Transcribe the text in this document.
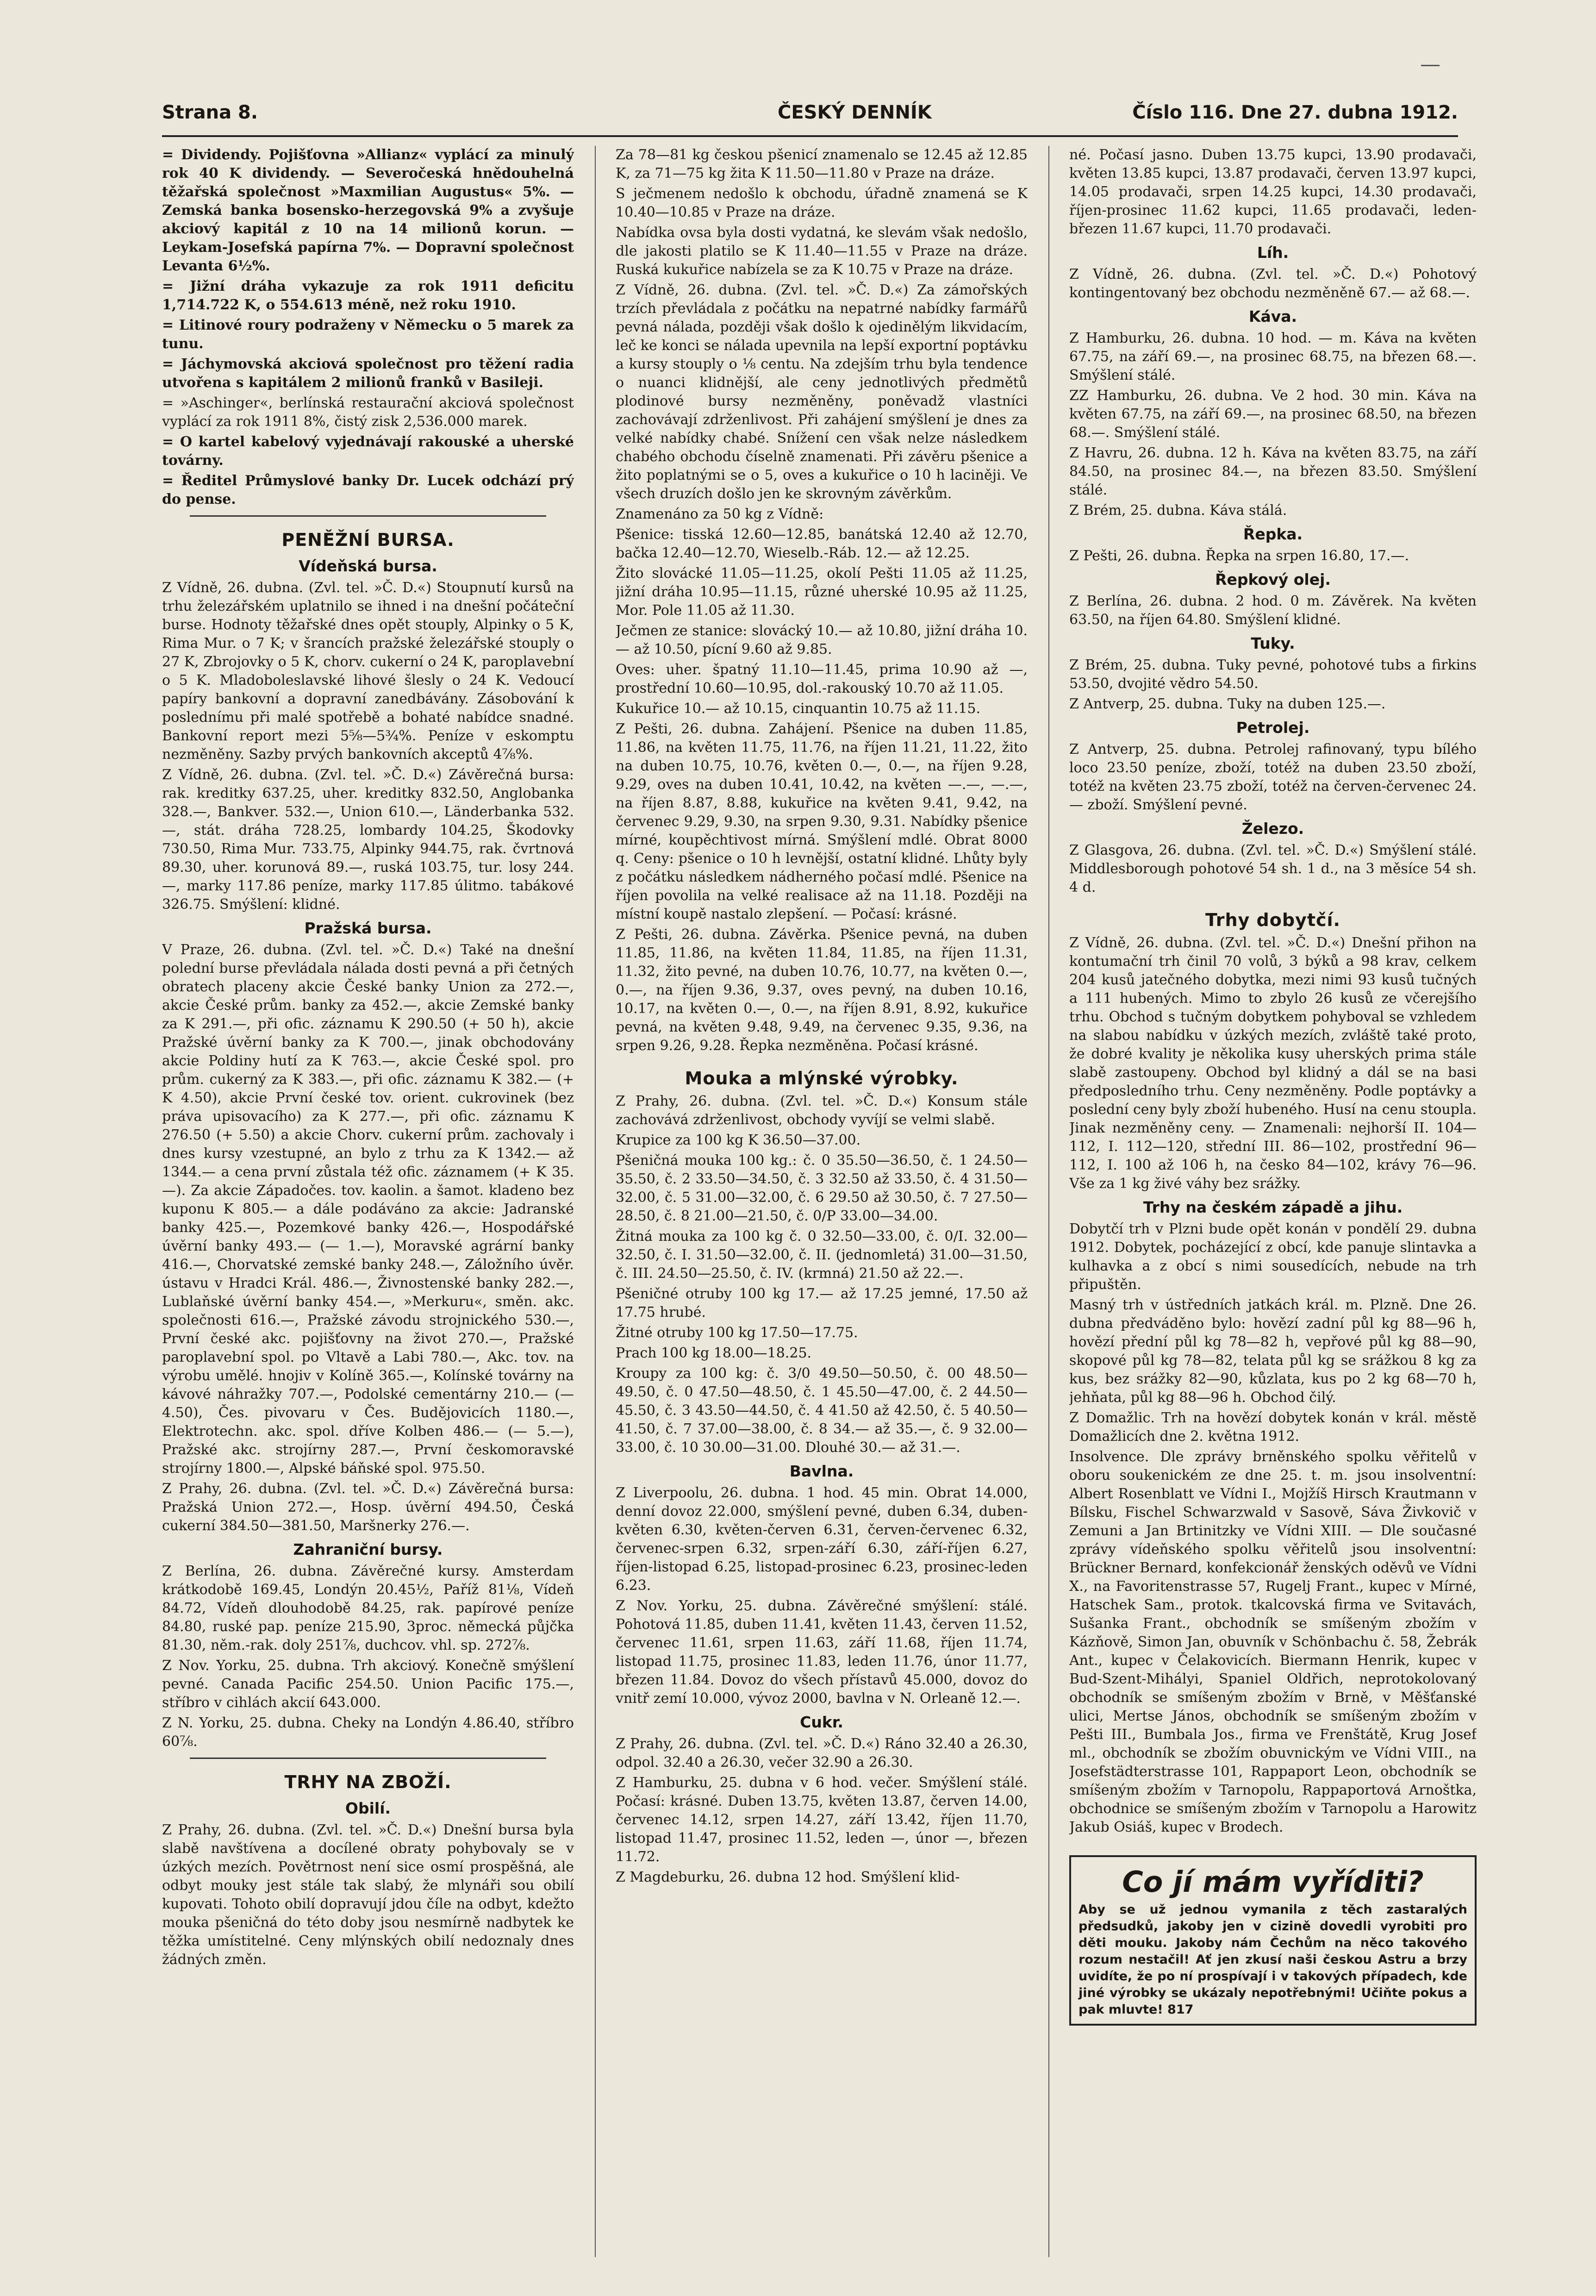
Strana 8.	ČESKÝ DENNÍK	Číslo 116. Dne 27. dubna 1912.

= Dividendy. Pojišťovna »Allianz« vyplácí za minulý rok 40 K dividendy. — Severočeská hnědouhelná těžařská společnost »Maxmilian Augustus« 5%. — Zemská banka bosensko-herzegovská 9% a zvyšuje akciový kapitál z 10 na 14 milionů korun. — Leykam-Josefská papírna 7%. — Dopravní společnost Levanta 6½%.

= Jižní dráha vykazuje za rok 1911 deficitu 1,714.722 K, o 554.613 méně, než roku 1910.

= Litinové roury podraženy v Německu o 5 marek za tunu.

= Jáchymovská akciová společnost pro těžení radia utvořena s kapitálem 2 milionů franků v Basileji.

= »Aschinger«, berlínská restaurační akciová společnost vyplácí za rok 1911 8%, čistý zisk 2,536.000 marek.

= O kartel kabelový vyjednávají rakouské a uherské továrny.

= Ředitel Průmyslové banky Dr. Lucek odchází prý do pense.

PENĚŽNÍ BURSA.
Vídeňská bursa.

Z Vídně, 26. dubna. (Zvl. tel. »Č. D.«) Stoupnutí kursů na trhu železářském uplatnilo se ihned i na dnešní počáteční burse. Hodnoty těžařské dnes opět stouply, Alpinky o 5 K, Rima Mur. o 7 K; v šrancích pražské železářské stouply o 27 K, Zbrojovky o 5 K, chorv. cukerní o 24 K, paroplavební o 5 K. Mladoboleslavské lihové šlesly o 24 K. Vedoucí papíry bankovní a dopravní zanedbávány. Zásobování k poslednímu při malé spotřebě a bohaté nabídce snadné. Bankovní report mezi 5⅝—5¾%. Peníze v eskomptu nezměněny. Sazby prvých bankovních akceptů 4⅞%.

Z Vídně, 26. dubna. (Zvl. tel. »Č. D.«) Závěrečná bursa: rak. kreditky 637.25, uher. kreditky 832.50, Anglobanka 328.—, Bankver. 532.—, Union 610.—, Länderbanka 532.—, stát. dráha 728.25, lombardy 104.25, Škodovky 730.50, Rima Mur. 733.75, Alpinky 944.75, rak. čvrtnová 89.30, uher. korunová 89.—, ruská 103.75, tur. losy 244.—, marky 117.86 peníze, marky 117.85 úlitmo. tabákové 326.75. Smýšlení: klidné.

Pražská bursa.

V Praze, 26. dubna. (Zvl. tel. »Č. D.«) Také na dnešní polední burse převládala nálada dosti pevná a při četných obratech placeny akcie České banky Union za 272.—, akcie České prům. banky za 452.—, akcie Zemské banky za K 291.—, při ofic. záznamu K 290.50 (+ 50 h), akcie Pražské úvěrní banky za K 700.—, jinak obchodovány akcie Poldiny hutí za K 763.—, akcie České spol. pro prům. cukerný za K 383.—, při ofic. záznamu K 382.— (+ K 4.50), akcie První české tov. orient. cukrovinek (bez práva upisovacího) za K 277.—, při ofic. záznamu K 276.50 (+ 5.50) a akcie Chorv. cukerní prům. zachovaly i dnes kursy vzestupné, an bylo z trhu za K 1342.— až 1344.— a cena první zůstala též ofic. záznamem (+ K 35.—). Za akcie Západočes. tov. kaolin. a šamot. kladeno bez kuponu K 805.— a dále podáváno za akcie: Jadranské banky 425.—, Pozemkové banky 426.—, Hospodářské úvěrní banky 493.— (— 1.—), Moravské agrární banky 416.—, Chorvatské zemské banky 248.—, Záložního úvěr. ústavu v Hradci Král. 486.—, Živnostenské banky 282.—, Lublaňské úvěrní banky 454.—, »Merkuru«, směn. akc. společnosti 616.—, Pražské závodu strojnického 530.—, První české akc. pojišťovny na život 270.—, Pražské paroplavební spol. po Vltavě a Labi 780.—, Akc. tov. na výrobu umělé. hnojiv v Kolíně 365.—, Kolínské továrny na kávové náhražky 707.—, Podolské cementárny 210.— (— 4.50), Čes. pivovaru v Čes. Budějovicích 1180.—, Elektrotechn. akc. spol. dříve Kolben 486.— (— 5.—), Pražské akc. strojírny 287.—, První českomoravské strojírny 1800.—, Alpské báňské spol. 975.50.

Z Prahy, 26. dubna. (Zvl. tel. »Č. D.«) Závěrečná bursa: Pražská Union 272.—, Hosp. úvěrní 494.50, Česká cukerní 384.50—381.50, Maršnerky 276.—.

Zahraniční bursy.

Z Berlína, 26. dubna. Závěrečné kursy. Amsterdam krátkodobě 169.45, Londýn 20.45½, Paříž 81⅛, Vídeň 84.72, Vídeň dlouhodobě 84.25, rak. papírové peníze 84.80, ruské pap. peníze 215.90, 3proc. německá půjčka 81.30, něm.-rak. doly 251⅞, duchcov. vhl. sp. 272⅞.

Z Nov. Yorku, 25. dubna. Trh akciový. Konečně smýšlení pevné. Canada Pacific 254.50. Union Pacific 175.—, stříbro v cihlách akcií 643.000.

Z N. Yorku, 25. dubna. Cheky na Londýn 4.86.40, stříbro 60⅞.

TRHY NA ZBOŽÍ.
Obilí.

Z Prahy, 26. dubna. (Zvl. tel. »Č. D.«) Dnešní bursa byla slabě navštívena a docílené obraty pohybovaly se v úzkých mezích. Povětrnost není sice osmí prospěšná, ale odbyt mouky jest stále tak slabý, že mlynáři sou obilí kupovati. Tohoto obilí dopravují jdou číle na odbyt, kdežto mouka pšeničná do této doby jsou nesmírně nadbytek ke těžka umístitelné. Ceny mlýnských obilí nedoznaly dnes žádných změn.

Za 78—81 kg českou pšenicí znamenalo se 12.45 až 12.85 K, za 71—75 kg žita K 11.50—11.80 v Praze na dráze.

S ječmenem nedošlo k obchodu, úřadně znamená se K 10.40—10.85 v Praze na dráze.

Nabídka ovsa byla dosti vydatná, ke slevám však nedošlo, dle jakosti platilo se K 11.40—11.55 v Praze na dráze. Ruská kukuřice nabízela se za K 10.75 v Praze na dráze.

Z Vídně, 26. dubna. (Zvl. tel. »Č. D.«) Za zámořských trzích převládala z počátku na nepatrné nabídky farmářů pevná nálada, později však došlo k ojedinělým likvidacím, leč ke konci se nálada upevnila na lepší exportní poptávku a kursy stouply o ⅛ centu. Na zdejším trhu byla tendence o nuanci klidnější, ale ceny jednotlivých předmětů plodinové bursy nezměněny, poněvadž vlastníci zachovávají zdrženlivost. Při zahájení smýšlení je dnes za velké nabídky chabé. Snížení cen však nelze následkem chabého obchodu číselně znamenati. Při závěru pšenice a žito poplatnými se o 5, oves a kukuřice o 10 h laciněji. Ve všech druzích došlo jen ke skrovným závěrkům.

Znamenáno za 50 kg z Vídně:

Pšenice: tisská 12.60—12.85, banátská 12.40 až 12.70, bačka 12.40—12.70, Wieselb.-Ráb. 12.— až 12.25.

Žito slovácké 11.05—11.25, okolí Pešti 11.05 až 11.25, jižní dráha 10.95—11.15, různé uherské 10.95 až 11.25, Mor. Pole 11.05 až 11.30.

Ječmen ze stanice: slovácký 10.— až 10.80, jižní dráha 10.— až 10.50, pícní 9.60 až 9.85.

Oves: uher. špatný 11.10—11.45, prima 10.90 až —, prostřední 10.60—10.95, dol.-rakouský 10.70 až 11.05.

Kukuřice 10.— až 10.15, cinquantin 10.75 až 11.15.

Z Pešti, 26. dubna. Zahájení. Pšenice na duben 11.85, 11.86, na květen 11.75, 11.76, na říjen 11.21, 11.22, žito na duben 10.75, 10.76, květen 0.—, 0.—, na říjen 9.28, 9.29, oves na duben 10.41, 10.42, na květen —.—, —.—, na říjen 8.87, 8.88, kukuřice na květen 9.41, 9.42, na červenec 9.29, 9.30, na srpen 9.30, 9.31. Nabídky pšenice mírné, koupěchtivost mírná. Smýšlení mdlé. Obrat 8000 q. Ceny: pšenice o 10 h levnější, ostatní klidné. Lhůty byly z počátku následkem nádherného počasí mdlé. Pšenice na říjen povolila na velké realisace až na 11.18. Později na místní koupě nastalo zlepšení. — Počasí: krásné.

Z Pešti, 26. dubna. Závěrka. Pšenice pevná, na duben 11.85, 11.86, na květen 11.84, 11.85, na říjen 11.31, 11.32, žito pevné, na duben 10.76, 10.77, na květen 0.—, 0.—, na říjen 9.36, 9.37, oves pevný, na duben 10.16, 10.17, na květen 0.—, 0.—, na říjen 8.91, 8.92, kukuřice pevná, na květen 9.48, 9.49, na červenec 9.35, 9.36, na srpen 9.26, 9.28. Řepka nezměněna. Počasí krásné.

Mouka a mlýnské výrobky.

Z Prahy, 26. dubna. (Zvl. tel. »Č. D.«) Konsum stále zachovává zdrženlivost, obchody vyvíjí se velmi slabě.

Krupice za 100 kg K 36.50—37.00.

Pšeničná mouka 100 kg.: č. 0 35.50—36.50, č. 1 24.50—35.50, č. 2 33.50—34.50, č. 3 32.50 až 33.50, č. 4 31.50—32.00, č. 5 31.00—32.00, č. 6 29.50 až 30.50, č. 7 27.50—28.50, č. 8 21.00—21.50, č. 0/P 33.00—34.00.

Žitná mouka za 100 kg č. 0 32.50—33.00, č. 0/I. 32.00—32.50, č. I. 31.50—32.00, č. II. (jednomletá) 31.00—31.50, č. III. 24.50—25.50, č. IV. (krmná) 21.50 až 22.—.

Pšeničné otruby 100 kg 17.— až 17.25 jemné, 17.50 až 17.75 hrubé.

Žitné otruby 100 kg 17.50—17.75.

Prach 100 kg 18.00—18.25.

Kroupy za 100 kg: č. 3/0 49.50—50.50, č. 00 48.50—49.50, č. 0 47.50—48.50, č. 1 45.50—47.00, č. 2 44.50—45.50, č. 3 43.50—44.50, č. 4 41.50 až 42.50, č. 5 40.50—41.50, č. 7 37.00—38.00, č. 8 34.— až 35.—, č. 9 32.00—33.00, č. 10 30.00—31.00. Dlouhé 30.— až 31.—.

Bavlna.

Z Liverpoolu, 26. dubna. 1 hod. 45 min. Obrat 14.000, denní dovoz 22.000, smýšlení pevné, duben 6.34, duben-květen 6.30, květen-červen 6.31, červen-červenec 6.32, červenec-srpen 6.32, srpen-září 6.30, září-říjen 6.27, říjen-listopad 6.25, listopad-prosinec 6.23, prosinec-leden 6.23.

Z Nov. Yorku, 25. dubna. Závěrečné smýšlení: stálé. Pohotová 11.85, duben 11.41, květen 11.43, červen 11.52, červenec 11.61, srpen 11.63, září 11.68, říjen 11.74, listopad 11.75, prosinec 11.83, leden 11.76, únor 11.77, březen 11.84. Dovoz do všech přístavů 45.000, dovoz do vnitř zemí 10.000, vývoz 2000, bavlna v N. Orleaně 12.—.

Cukr.

Z Prahy, 26. dubna. (Zvl. tel. »Č. D.«) Ráno 32.40 a 26.30, odpol. 32.40 a 26.30, večer 32.90 a 26.30.

Z Hamburku, 25. dubna v 6 hod. večer. Smýšlení stálé. Počasí: krásné. Duben 13.75, květen 13.87, červen 14.00, červenec 14.12, srpen 14.27, září 13.42, říjen 11.70, listopad 11.47, prosinec 11.52, leden —, únor —, březen 11.72.

Z Magdeburku, 26. dubna 12 hod. Smýšlení klid-

né. Počasí jasno. Duben 13.75 kupci, 13.90 prodavači, květen 13.85 kupci, 13.87 prodavači, červen 13.97 kupci, 14.05 prodavači, srpen 14.25 kupci, 14.30 prodavači, říjen-prosinec 11.62 kupci, 11.65 prodavači, leden-březen 11.67 kupci, 11.70 prodavači.

Líh.

Z Vídně, 26. dubna. (Zvl. tel. »Č. D.«) Pohotový kontingentovaný bez obchodu nezměněně 67.— až 68.—.

Káva.

Z Hamburku, 26. dubna. 10 hod. — m. Káva na květen 67.75, na září 69.—, na prosinec 68.75, na březen 68.—. Smýšlení stálé.

ZZ Hamburku, 26. dubna. Ve 2 hod. 30 min. Káva na květen 67.75, na září 69.—, na prosinec 68.50, na březen 68.—. Smýšlení stálé.

Z Havru, 26. dubna. 12 h. Káva na květen 83.75, na září 84.50, na prosinec 84.—, na březen 83.50. Smýšlení stálé.

Z Brém, 25. dubna. Káva stálá.

Řepka.

Z Pešti, 26. dubna. Řepka na srpen 16.80, 17.—.

Řepkový olej.

Z Berlína, 26. dubna. 2 hod. 0 m. Závěrek. Na květen 63.50, na říjen 64.80. Smýšlení klidné.

Tuky.

Z Brém, 25. dubna. Tuky pevné, pohotové tubs a firkins 53.50, dvojité vědro 54.50.

Z Antverp, 25. dubna. Tuky na duben 125.—.

Petrolej.

Z Antverp, 25. dubna. Petrolej rafinovaný, typu bílého loco 23.50 peníze, zboží, totéž na duben 23.50 zboží, totéž na květen 23.75 zboží, totéž na červen-červenec 24.— zboží. Smýšlení pevné.

Železo.

Z Glasgova, 26. dubna. (Zvl. tel. »Č. D.«) Smýšlení stálé. Middlesborough pohotové 54 sh. 1 d., na 3 měsíce 54 sh. 4 d.

Trhy dobytčí.

Z Vídně, 26. dubna. (Zvl. tel. »Č. D.«) Dnešní přihon na kontumační trh činil 70 volů, 3 býků a 98 krav, celkem 204 kusů jatečného dobytka, mezi nimi 93 kusů tučných a 111 hubených. Mimo to zbylo 26 kusů ze včerejšího trhu. Obchod s tučným dobytkem pohyboval se vzhledem na slabou nabídku v úzkých mezích, zvláště také proto, že dobré kvality je několika kusy uherských prima stále slabě zastoupeny. Obchod byl klidný a dál se na basi předposledního trhu. Ceny nezměněny. Podle poptávky a poslední ceny byly zboží hubeného. Husí na cenu stoupla. Jinak nezměněny ceny. — Znamenali: nejhorší II. 104—112, I. 112—120, střední III. 86—102, prostřední 96—112, I. 100 až 106 h, na česko 84—102, krávy 76—96. Vše za 1 kg živé váhy bez srážky.

Trhy na českém západě a jihu.

Dobytčí trh v Plzni bude opět konán v pondělí 29. dubna 1912. Dobytek, pocházející z obcí, kde panuje slintavka a kulhavka a z obcí s nimi sousedících, nebude na trh připuštěn.

Masný trh v ústředních jatkách král. m. Plzně. Dne 26. dubna předváděno bylo: hovězí zadní půl kg 88—96 h, hovězí přední půl kg 78—82 h, vepřové půl kg 88—90, skopové půl kg 78—82, telata půl kg se srážkou 8 kg za kus, bez srážky 82—90, kůzlata, kus po 2 kg 68—70 h, jehňata, půl kg 88—96 h. Obchod čilý.

Z Domažlic. Trh na hovězí dobytek konán v král. městě Domažlicích dne 2. května 1912.

Insolvence. Dle zprávy brněnského spolku věřitelů v oboru soukenickém ze dne 25. t. m. jsou insolventní: Albert Rosenblatt ve Vídni I., Mojžíš Hirsch Krautmann v Bílsku, Fischel Schwarzwald v Sasově, Sáva Živkovič v Zemuni a Jan Brtinitzky ve Vídni XIII. — Dle současné zprávy vídeňského spolku věřitelů jsou insolventní: Brückner Bernard, konfekcionář ženských oděvů ve Vídni X., na Favoritenstrasse 57, Rugelj Frant., kupec v Mírné, Hatschek Sam., protok. tkalcovská firma ve Svitavách, Sušanka Frant., obchodník se smíšeným zbožím v Kázňově, Simon Jan, obuvník v Schönbachu č. 58, Žebrák Ant., kupec v Čelakovicích. Biermann Henrik, kupec v Bud-Szent-Mihályi, Spaniel Oldřich, neprotokolovaný obchodník se smíšeným zbožím v Brně, v Měšťanské ulici, Mertse János, obchodník se smíšeným zbožím v Pešti III., Bumbala Jos., firma ve Frenštátě, Krug Josef ml., obchodník se zbožím obuvnickým ve Vídni VIII., na Josefstädterstrasse 101, Rappaport Leon, obchodník se smíšeným zbožím v Tarnopolu, Rappaportová Arnoštka, obchodnice se smíšeným zbožím v Tarnopolu a Harowitz Jakub Osiáš, kupec v Brodech.

Co jí mám vyříditi?
Aby se už jednou vymanila z těch zastaralých předsudků, jakoby jen v cizině dovedli vyrobiti pro děti mouku. Jakoby nám Čechům na něco takového rozum nestačil! Ať jen zkusí naši českou Astru a brzy uvidíte, že po ní prospívají i v takových případech, kde jiné výrobky se ukázaly nepotřebnými! Učiňte pokus a pak mluvte! 817
